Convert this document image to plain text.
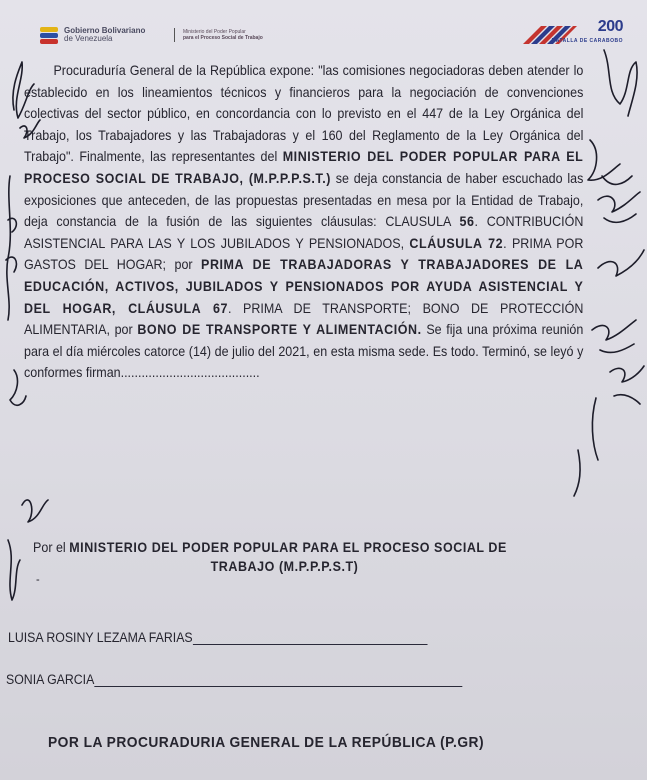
Gobierno Bolivariano
de Venezuela
Ministerio del Poder Popular
para el Proceso Social de Trabajo
200
BATALLA DE CARABOBO
Procuraduría General de la República expone: "las comisiones negociadoras deben atender lo establecido en los lineamientos técnicos y financieros para la negociación de convenciones colectivas del sector público, en concordancia con lo previsto en el 447 de la Ley Orgánica del Trabajo, los Trabajadores y las Trabajadoras y el 160 del Reglamento de la Ley Orgánica del Trabajo". Finalmente, las representantes del MINISTERIO DEL PODER POPULAR PARA EL PROCESO SOCIAL DE TRABAJO, (M.P.P.P.S.T.) se deja constancia de haber escuchado las exposiciones que anteceden, de las propuestas presentadas en mesa por la Entidad de Trabajo, deja constancia de la fusión de las siguientes cláusulas: CLAUSULA 56. CONTRIBUCIÓN ASISTENCIAL PARA LAS Y LOS JUBILADOS Y PENSIONADOS, CLÁUSULA 72. PRIMA POR GASTOS DEL HOGAR; por PRIMA DE TRABAJADORAS Y TRABAJADORES DE LA EDUCACIÓN, ACTIVOS, JUBILADOS Y PENSIONADOS POR AYUDA ASISTENCIAL Y DEL HOGAR, CLÁUSULA 67. PRIMA DE TRANSPORTE; BONO DE PROTECCIÓN ALIMENTARIA, por BONO DE TRANSPORTE Y ALIMENTACIÓN. Se fija una próxima reunión para el día miércoles catorce (14) de julio del 2021, en esta misma sede. Es todo. Terminó, se leyó y conformes firman........................................
Por el MINISTERIO DEL PODER POPULAR PARA EL PROCESO SOCIAL DE
TRABAJO (M.P.P.P.S.T)
-
LUISA ROSINY LEZAMA FARIAS
SONIA GARCIA
POR LA PROCURADURIA GENERAL DE LA REPÚBLICA (P.GR)
